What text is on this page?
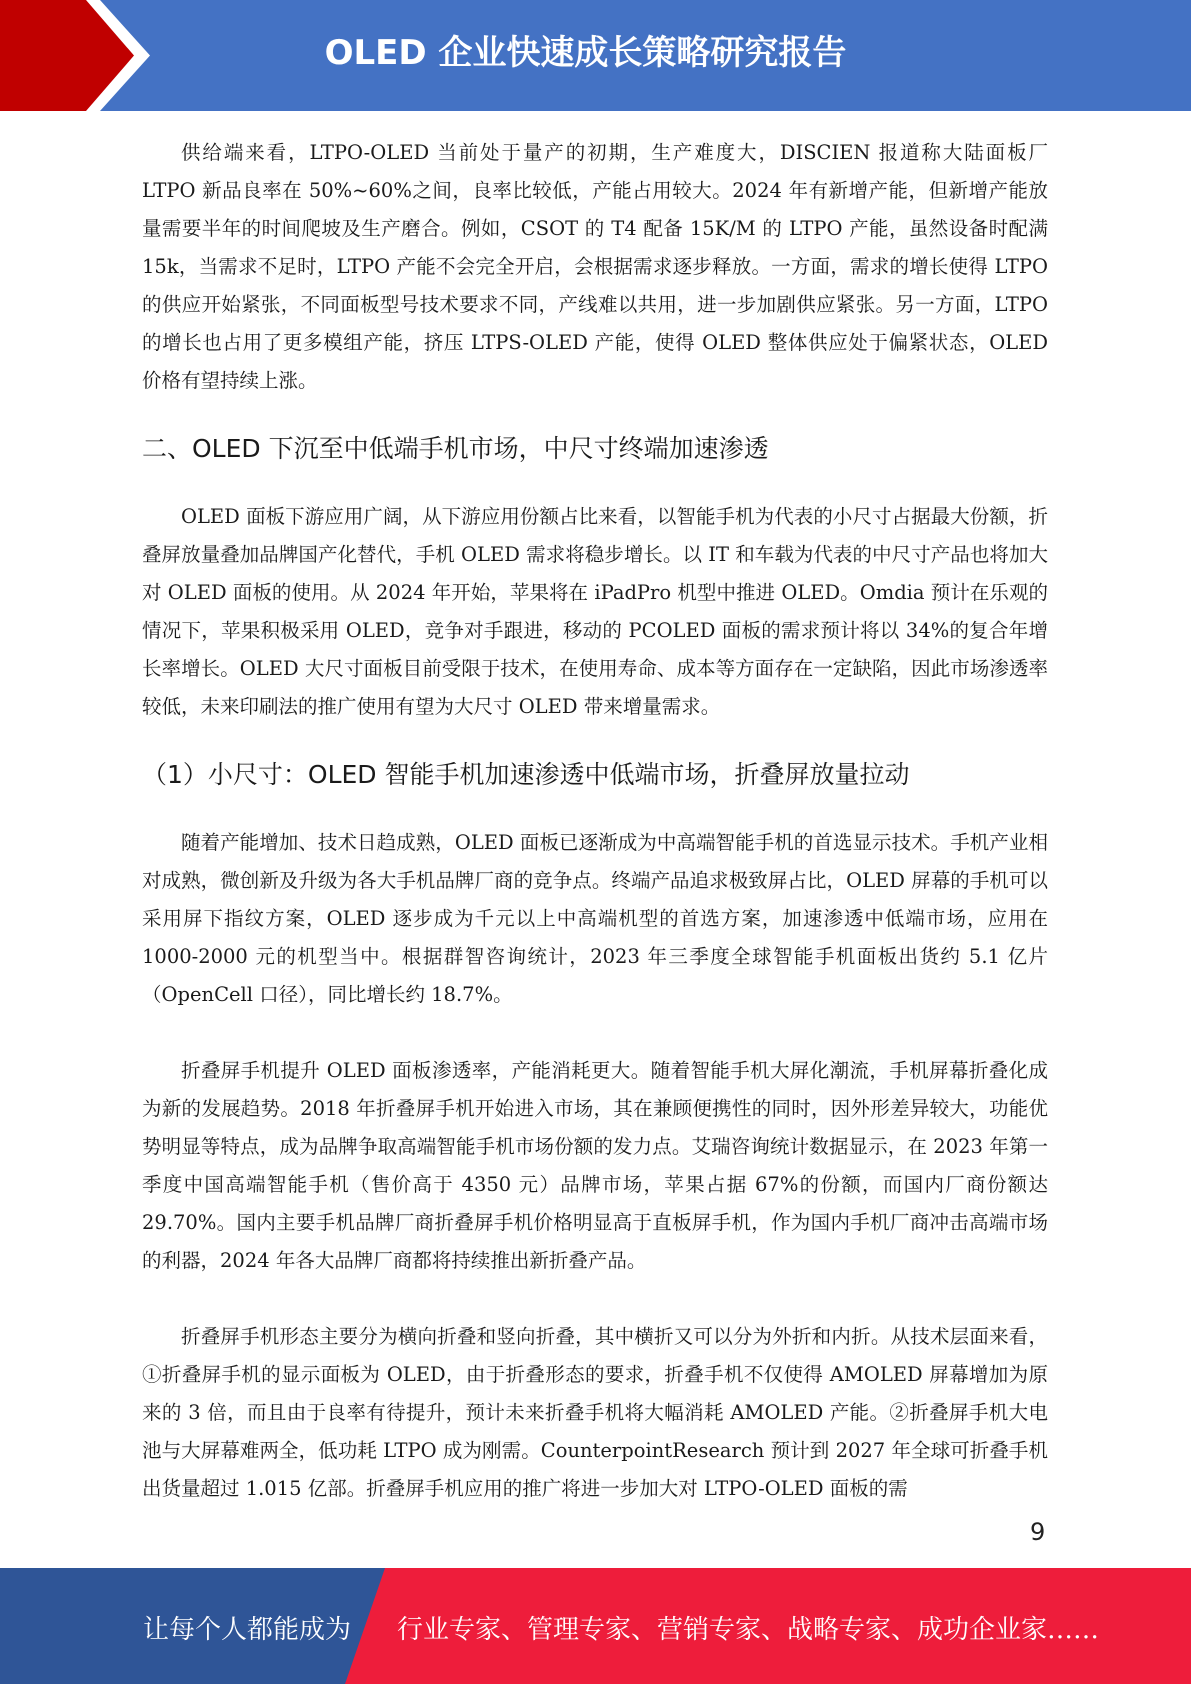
OLED 企业快速成长策略研究报告

供给端来看，LTPO-OLED 当前处于量产的初期，生产难度大，DISCIEN 报道称大陆面板厂 LTPO 新品良率在 50%~60%之间，良率比较低，产能占用较大。2024 年有新增产能，但新增产能放量需要半年的时间爬坡及生产磨合。例如，CSOT 的 T4 配备 15K/M 的 LTPO 产能，虽然设备时配满 15k，当需求不足时，LTPO 产能不会完全开启，会根据需求逐步释放。一方面，需求的增长使得 LTPO 的供应开始紧张，不同面板型号技术要求不同，产线难以共用，进一步加剧供应紧张。另一方面，LTPO 的增长也占用了更多模组产能，挤压 LTPS-OLED 产能，使得 OLED 整体供应处于偏紧状态，OLED 价格有望持续上涨。

二、OLED 下沉至中低端手机市场，中尺寸终端加速渗透

OLED 面板下游应用广阔，从下游应用份额占比来看，以智能手机为代表的小尺寸占据最大份额，折叠屏放量叠加品牌国产化替代，手机 OLED 需求将稳步增长。以 IT 和车载为代表的中尺寸产品也将加大对 OLED 面板的使用。从 2024 年开始，苹果将在 iPadPro 机型中推进 OLED。Omdia 预计在乐观的情况下，苹果积极采用 OLED，竞争对手跟进，移动的 PCOLED 面板的需求预计将以 34%的复合年增长率增长。OLED 大尺寸面板目前受限于技术，在使用寿命、成本等方面存在一定缺陷，因此市场渗透率较低，未来印刷法的推广使用有望为大尺寸 OLED 带来增量需求。

（1）小尺寸：OLED 智能手机加速渗透中低端市场，折叠屏放量拉动

随着产能增加、技术日趋成熟，OLED 面板已逐渐成为中高端智能手机的首选显示技术。手机产业相对成熟，微创新及升级为各大手机品牌厂商的竞争点。终端产品追求极致屏占比，OLED 屏幕的手机可以采用屏下指纹方案，OLED 逐步成为千元以上中高端机型的首选方案，加速渗透中低端市场，应用在 1000-2000 元的机型当中。根据群智咨询统计，2023 年三季度全球智能手机面板出货约 5.1 亿片（OpenCell 口径），同比增长约 18.7%。

折叠屏手机提升 OLED 面板渗透率，产能消耗更大。随着智能手机大屏化潮流，手机屏幕折叠化成为新的发展趋势。2018 年折叠屏手机开始进入市场，其在兼顾便携性的同时，因外形差异较大，功能优势明显等特点，成为品牌争取高端智能手机市场份额的发力点。艾瑞咨询统计数据显示，在 2023 年第一季度中国高端智能手机（售价高于 4350 元）品牌市场，苹果占据 67%的份额，而国内厂商份额达 29.70%。国内主要手机品牌厂商折叠屏手机价格明显高于直板屏手机，作为国内手机厂商冲击高端市场的利器，2024 年各大品牌厂商都将持续推出新折叠产品。

折叠屏手机形态主要分为横向折叠和竖向折叠，其中横折又可以分为外折和内折。从技术层面来看，①折叠屏手机的显示面板为 OLED，由于折叠形态的要求，折叠手机不仅使得 AMOLED 屏幕增加为原来的 3 倍，而且由于良率有待提升，预计未来折叠手机将大幅消耗 AMOLED 产能。②折叠屏手机大电池与大屏幕难两全，低功耗 LTPO 成为刚需。CounterpointResearch 预计到 2027 年全球可折叠手机出货量超过 1.015 亿部。折叠屏手机应用的推广将进一步加大对 LTPO-OLED 面板的需

9
让每个人都能成为 行业专家、管理专家、营销专家、战略专家、成功企业家……
